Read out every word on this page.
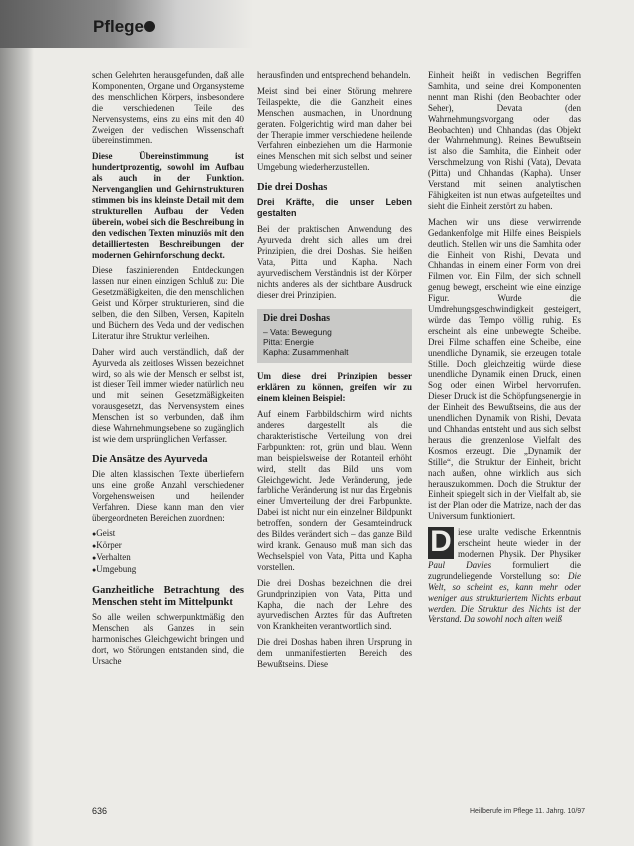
Pflege

schen Gelehrten herausgefunden, daß alle Komponenten, Organe und Organsysteme des menschlichen Körpers, insbesondere die verschiedenen Teile des Nervensystems, eins zu eins mit den 40 Zweigen der vedischen Wissenschaft übereinstimmen.

Diese Übereinstimmung ist hundertprozentig, sowohl im Aufbau als auch in der Funktion. Nervenganglien und Gehirnstrukturen stimmen bis ins kleinste Detail mit dem strukturellen Aufbau der Veden überein, wobei sich die Beschreibung in den vedischen Texten minuziös mit den detailliertesten Beschreibungen der modernen Gehirnforschung deckt.

Diese faszinierenden Entdeckungen lassen nur einen einzigen Schluß zu: Die Gesetzmäßigkeiten, die den menschlichen Geist und Körper strukturieren, sind die selben, die den Silben, Versen, Kapiteln und Büchern des Veda und der vedischen Literatur ihre Struktur verleihen.

Daher wird auch verständlich, daß der Ayurveda als zeitloses Wissen bezeichnet wird, so als wie der Mensch er selbst ist, ist dieser Teil immer wieder natürlich neu und mit seinen Gesetzmäßigkeiten vorausgesetzt, das Nervensystem eines Menschen ist so verbunden, daß ihm diese Wahrnehmungsebene so zugänglich ist wie dem ursprünglichen Verfasser.

Die Ansätze des Ayurveda

Die alten klassischen Texte überliefern uns eine große Anzahl verschiedener Vorgehensweisen und heilender Verfahren. Diese kann man den vier übergeordneten Bereichen zuordnen:

● Geist
● Körper
● Verhalten
● Umgebung
Ganzheitliche Betrachtung des Menschen steht im Mittelpunkt

So alle weilen schwerpunktmäßig den Menschen als Ganzes in sein harmonisches Gleichgewicht bringen und dort, wo Störungen entstanden sind, die Ursache

herausfinden und entsprechend behandeln.

Meist sind bei einer Störung mehrere Teilaspekte, die die Ganzheit eines Menschen ausmachen, in Unordnung geraten. Folgerichtig wird man daher bei der Therapie immer verschiedene heilende Verfahren einbeziehen um die Harmonie eines Menschen mit sich selbst und seiner Umgebung wiederherzustellen.

Die drei Doshas
Drei Kräfte, die unser Leben gestalten

Bei der praktischen Anwendung des Ayurveda dreht sich alles um drei Prinzipien, die drei Doshas. Sie heißen Vata, Pitta und Kapha. Nach ayurvedischem Verständnis ist der Körper nichts anderes als der sichtbare Ausdruck dieser drei Prinzipien.

Die drei Doshas
– Vata: Bewegung
Pitta: Energie
Kapha: Zusammenhalt

Um diese drei Prinzipien besser erklären zu können, greifen wir zu einem kleinen Beispiel:

Auf einem Farbbildschirm wird nichts anderes dargestellt als die charakteristische Verteilung von drei Farbpunkten: rot, grün und blau. Wenn man beispielsweise der Rotanteil erhöht wird, stellt das Bild uns vom Gleichgewicht. Jede Veränderung, jede farbliche Veränderung ist nur das Ergebnis einer Umverteilung der drei Farbpunkte. Dabei ist nicht nur ein einzelner Bildpunkt betroffen, sondern der Gesamteindruck des Bildes verändert sich – das ganze Bild wird krank. Genauso muß man sich das Wechselspiel von Vata, Pitta und Kapha vorstellen.

Die drei Doshas bezeichnen die drei Grundprinzipien von Vata, Pitta und Kapha, die nach der Lehre des ayurvedischen Arztes für das Auftreten von Krankheiten verantwortlich sind.

Die drei Doshas haben ihren Ursprung in dem unmanifestierten Bereich des Bewußtseins. Diese

Einheit heißt in vedischen Begriffen Samhita, und seine drei Komponenten nennt man Rishi (den Beobachter oder Seher), Devata (den Wahrnehmungsvorgang oder das Beobachten) und Chhandas (das Objekt der Wahrnehmung). Reines Bewußtsein ist also die Samhita, die Einheit oder Verschmelzung von Rishi (Vata), Devata (Pitta) und Chhandas (Kapha). Unser Verstand mit seinen analytischen Fähigkeiten ist nun etwas aufgeteiltes und sieht die Einheit zerstört zu haben.

Machen wir uns diese verwirrende Gedankenfolge mit Hilfe eines Beispiels deutlich. Stellen wir uns die Samhita oder die Einheit von Rishi, Devata und Chhandas in einem einer Form von drei Filmen vor. Ein Film, der sich schnell genug bewegt, erscheint wie eine einzige Figur. Wurde die Umdrehungsgeschwindigkeit gesteigert, würde das Tempo völlig ruhig. Es erscheint als eine unbewegte Scheibe. Drei Filme schaffen eine Scheibe, eine unendliche Dynamik, sie erzeugen totale Stille. Doch gleichzeitig würde diese unendliche Dynamik einen Druck, einen Sog oder einen Wirbel hervorrufen. Dieser Druck ist die Schöpfungsenergie in der Einheit des Bewußtseins, die aus der unendlichen Dynamik von Rishi, Devata und Chhandas entsteht und aus sich selbst heraus die grenzenlose Vielfalt des Kosmos erzeugt. Die „Dynamik der Stille“, die Struktur der Einheit, bricht nach außen, ohne wirklich aus sich herauszukommen. Doch die Struktur der Einheit spiegelt sich in der Vielfalt ab, sie ist der Plan oder die Matrize, nach der das Universum funktioniert.

D iese uralte vedische Erkenntnis erscheint heute wieder in der modernen Physik. Der Physiker Paul Davies formuliert die zugrundeliegende Vorstellung so: Die Welt, so scheint es, kann mehr oder weniger aus strukturiertem Nichts erbaut werden. Die Struktur des Nichts ist der Verstand. Da sowohl noch alten weiß

636	Heilberufe im Pflege 11. Jahrg. 10/97
